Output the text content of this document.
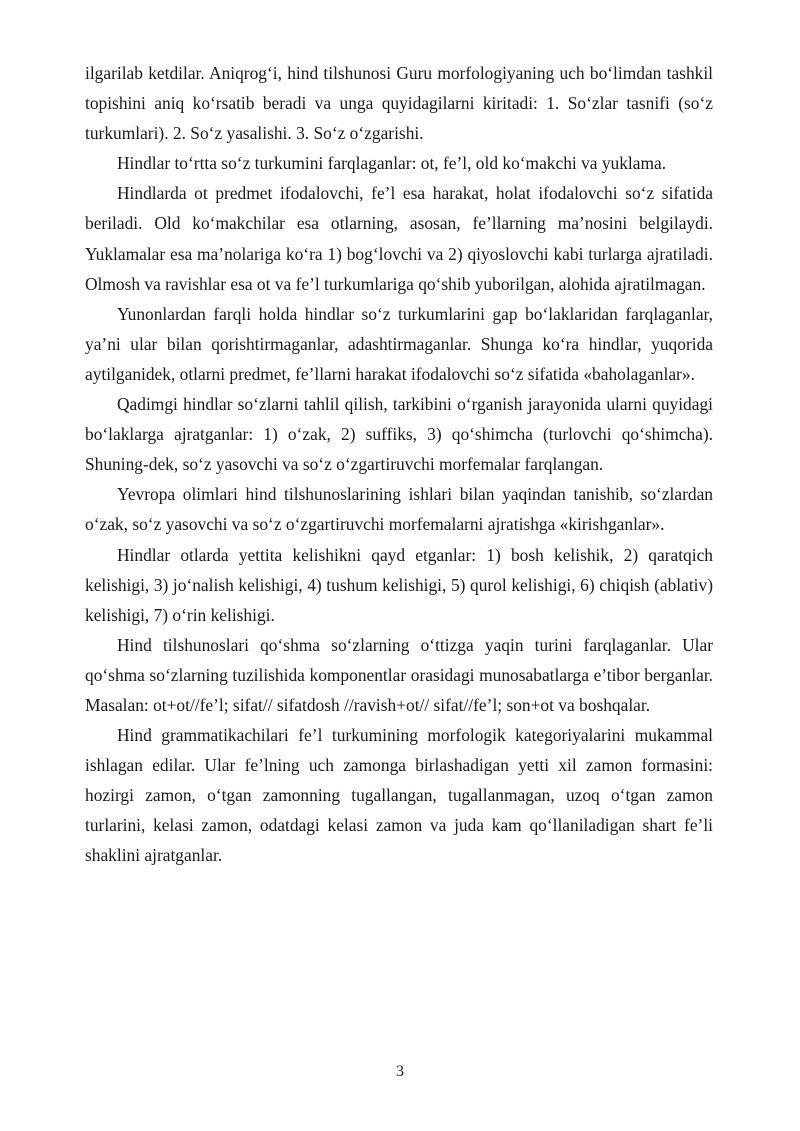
ilgarilab ketdilar. Aniqrog‘i, hind tilshunosi Guru morfologiyaning uch bo‘limdan tashkil topishini aniq ko‘rsatib beradi va unga quyidagilarni kiritadi: 1. So‘zlar tasnifi (so‘z turkumlari). 2. So‘z yasalishi. 3. So‘z o‘zgarishi.

Hindlar to‘rtta so‘z turkumini farqlaganlar: ot, fe’l, old ko‘makchi va yuklama.

Hindlarda ot predmet ifodalovchi, fe’l esa harakat, holat ifodalovchi so‘z sifatida beriladi. Old ko‘makchilar esa otlarning, asosan, fe’llarning ma’nosini belgilaydi. Yuklamalar esa ma’nolariga ko‘ra 1) bog‘lovchi va 2) qiyoslovchi kabi turlarga ajratiladi. Olmosh va ravishlar esa ot va fe’l turkumlariga qo‘shib yuborilgan, alohida ajratilmagan.

Yunonlardan farqli holda hindlar so‘z turkumlarini gap bo‘laklaridan farqlaganlar, ya’ni ular bilan qorishtirmaganlar, adashtirmaganlar. Shunga ko‘ra hindlar, yuqorida aytilganidek, otlarni predmet, fe’llarni harakat ifodalovchi so‘z sifatida «baholaganlar».

Qadimgi hindlar so‘zlarni tahlil qilish, tarkibini o‘rganish jarayonida ularni quyidagi bo‘laklarga ajratganlar: 1) o‘zak, 2) suffiks, 3) qo‘shimcha (turlovchi qo‘shimcha). Shuning-dek, so‘z yasovchi va so‘z o‘zgartiruvchi morfemalar farqlangan.

Yevropa olimlari hind tilshunoslarining ishlari bilan yaqindan tanishib, so‘zlardan o‘zak, so‘z yasovchi va so‘z o‘zgartiruvchi morfemalarni ajratishga «kirishganlar».

Hindlar otlarda yettita kelishikni qayd etganlar: 1) bosh kelishik, 2) qaratqich kelishigi, 3) jo‘nalish kelishigi, 4) tushum kelishigi, 5) qurol kelishigi, 6) chiqish (ablativ) kelishigi, 7) o‘rin kelishigi.

Hind tilshunoslari qo‘shma so‘zlarning o‘ttizga yaqin turini farqlaganlar. Ular qo‘shma so‘zlarning tuzilishida komponentlar orasidagi munosabatlarga e’tibor berganlar. Masalan: ot+ot//fe’l; sifat// sifatdosh //ravish+ot// sifat//fe’l; son+ot va boshqalar.

Hind grammatikachilari fe’l turkumining morfologik kategoriyalarini mukammal ishlagan edilar. Ular fe’lning uch zamonga birlashadigan yetti xil zamon formasini: hozirgi zamon, o‘tgan zamonning tugallangan, tugallanmagan, uzoq o‘tgan zamon turlarini, kelasi zamon, odatdagi kelasi zamon va juda kam qo‘llaniladigan shart fe’li shaklini ajratganlar.

3
